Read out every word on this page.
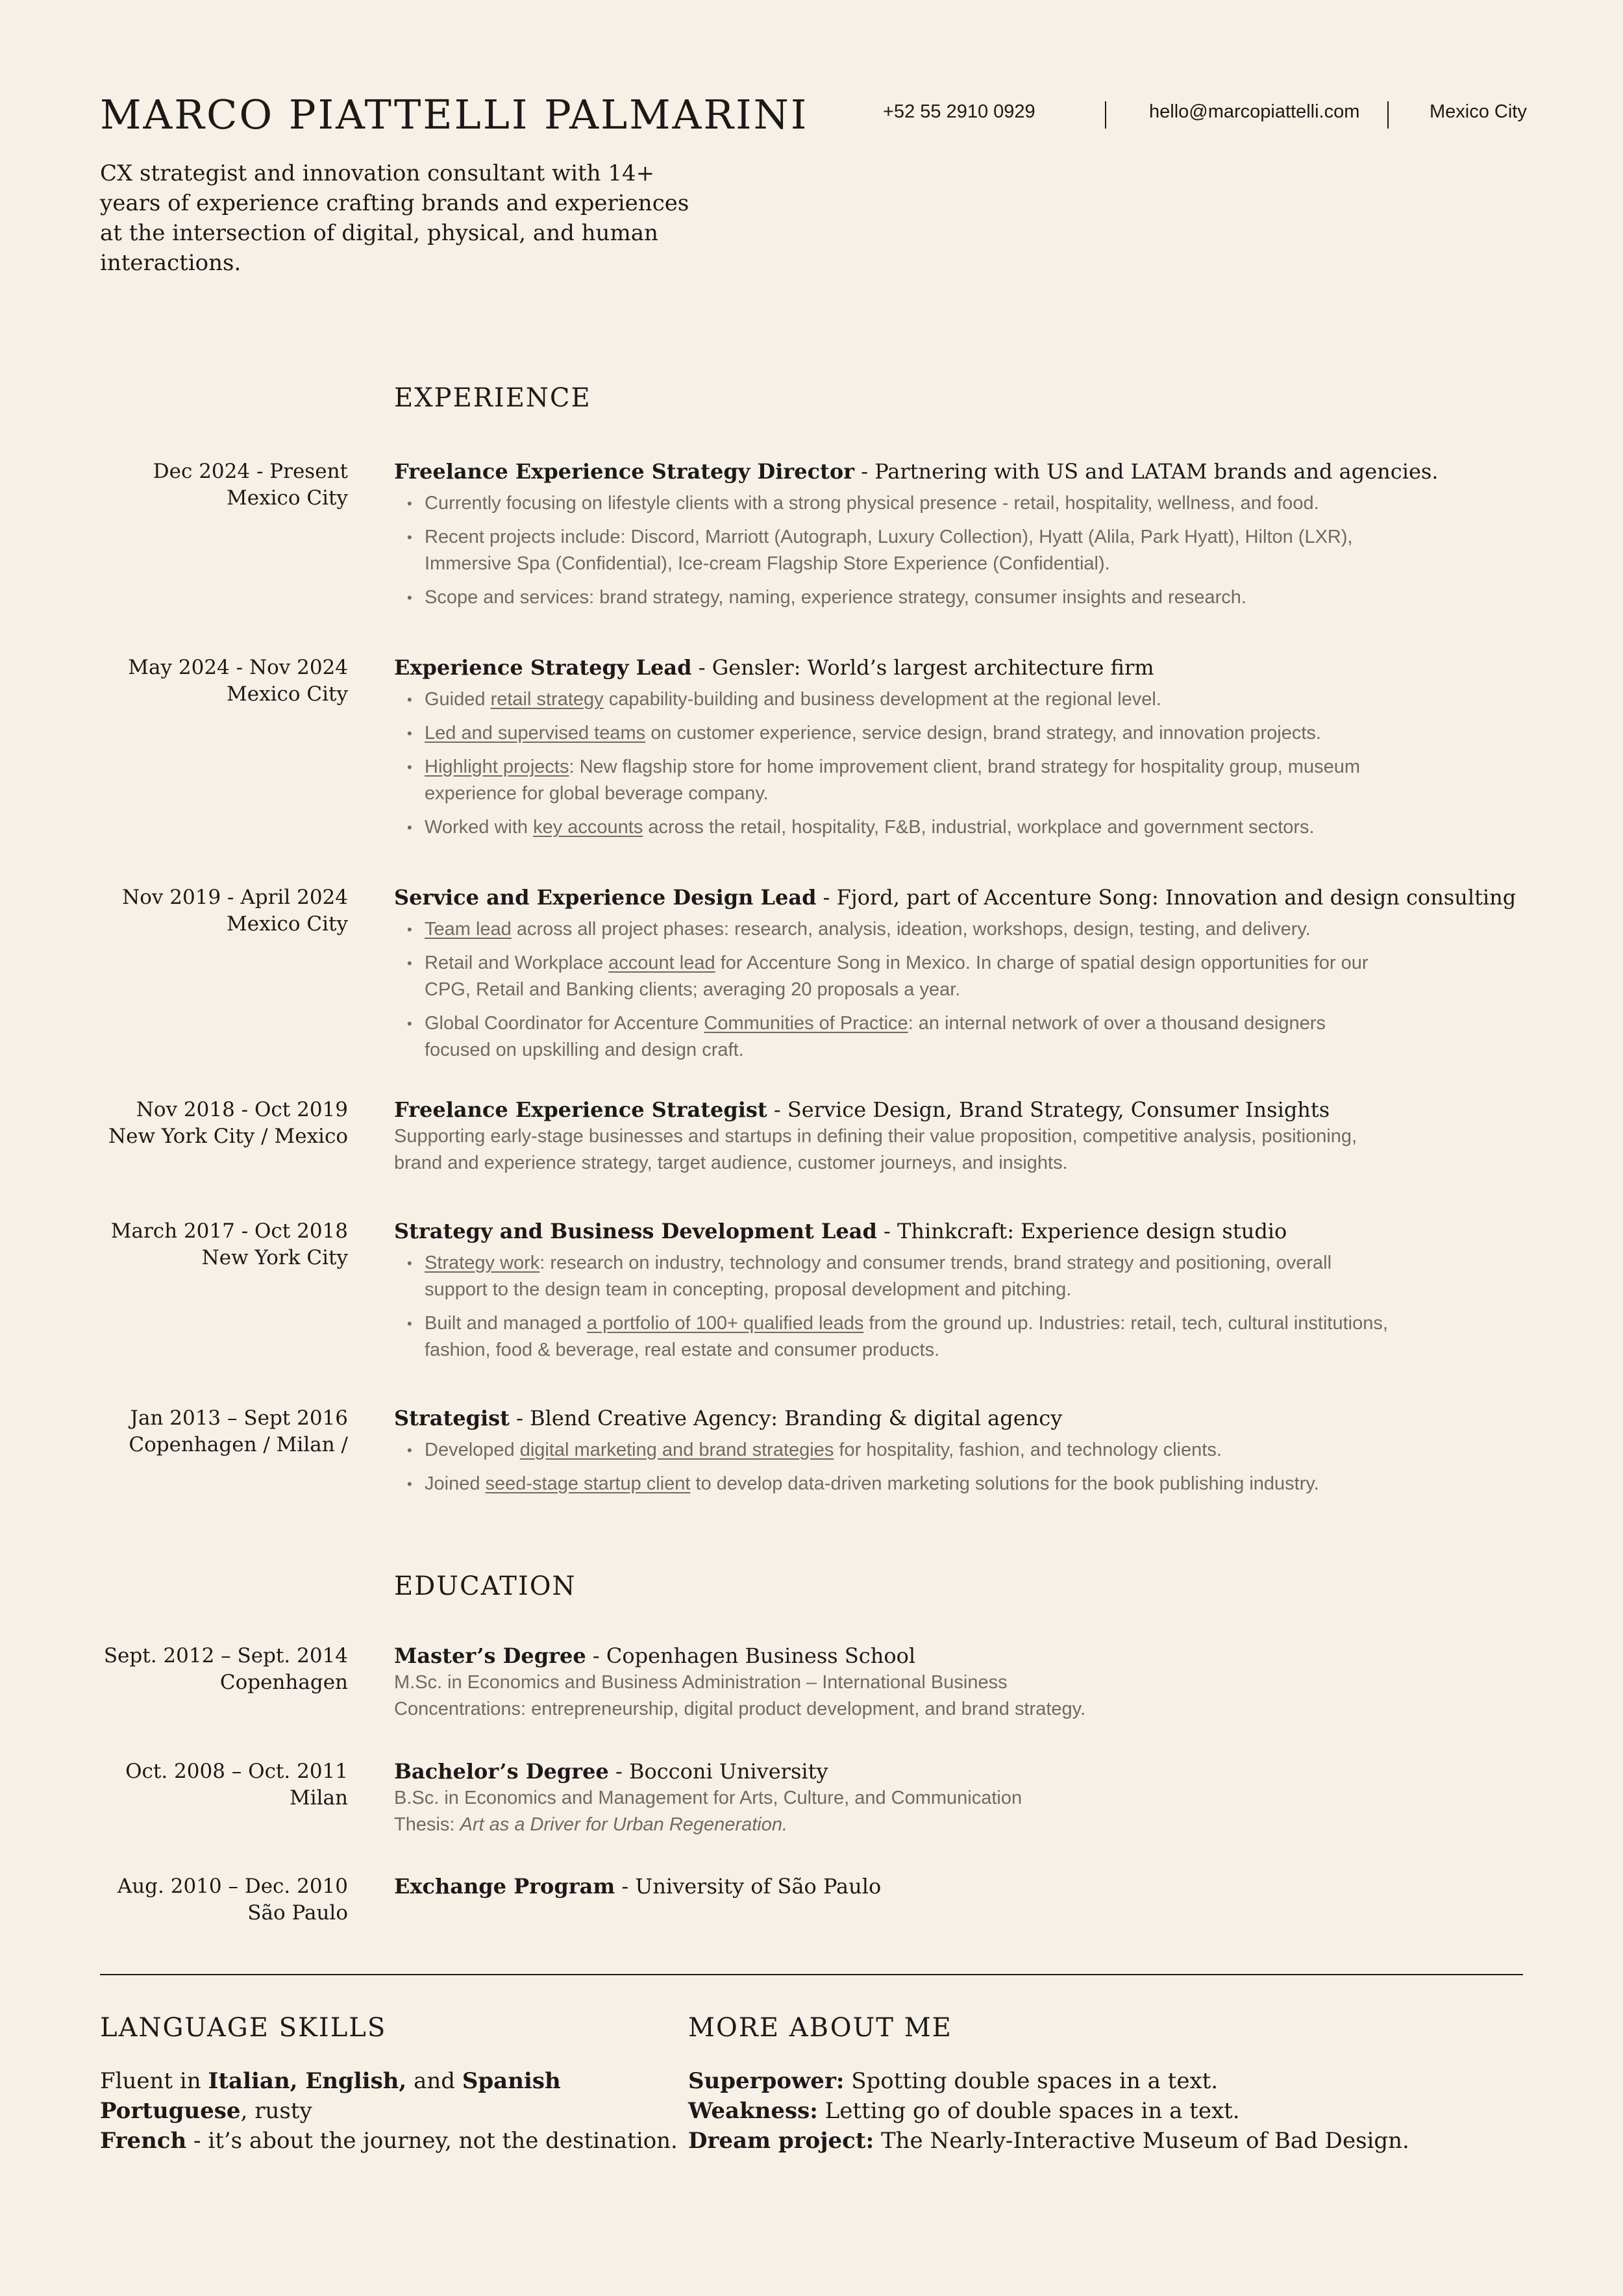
MARCO PIATTELLI PALMARINI	+52 55 2910 0929	hello@marcopiattelli.com	Mexico City

CX strategist and innovation consultant with 14+ years of experience crafting brands and experiences at the intersection of digital, physical, and human interactions.

EXPERIENCE
Dec 2024 - Present
Mexico City
Freelance Experience Strategy Director - Partnering with US and LATAM brands and agencies.
• Currently focusing on lifestyle clients with a strong physical presence - retail, hospitality, wellness, and food.
• Recent projects include: Discord, Marriott (Autograph, Luxury Collection), Hyatt (Alila, Park Hyatt), Hilton (LXR), Immersive Spa (Confidential), Ice-cream Flagship Store Experience (Confidential).
• Scope and services: brand strategy, naming, experience strategy, consumer insights and research.
May 2024 - Nov 2024
Mexico City
Experience Strategy Lead - Gensler: World’s largest architecture firm
• Guided retail strategy capability-building and business development at the regional level.
• Led and supervised teams on customer experience, service design, brand strategy, and innovation projects.
• Highlight projects: New flagship store for home improvement client, brand strategy for hospitality group, museum experience for global beverage company.
• Worked with key accounts across the retail, hospitality, F&B, industrial, workplace and government sectors.
Nov 2019 - April 2024
Mexico City
Service and Experience Design Lead - Fjord, part of Accenture Song: Innovation and design consulting
• Team lead across all project phases: research, analysis, ideation, workshops, design, testing, and delivery.
• Retail and Workplace account lead for Accenture Song in Mexico. In charge of spatial design opportunities for our CPG, Retail and Banking clients; averaging 20 proposals a year.
• Global Coordinator for Accenture Communities of Practice: an internal network of over a thousand designers focused on upskilling and design craft.
Nov 2018 - Oct 2019
New York City / Mexico
Freelance Experience Strategist - Service Design, Brand Strategy, Consumer Insights
Supporting early-stage businesses and startups in defining their value proposition, competitive analysis, positioning, brand and experience strategy, target audience, customer journeys, and insights.
March 2017 - Oct 2018
New York City
Strategy and Business Development Lead - Thinkcraft: Experience design studio
• Strategy work: research on industry, technology and consumer trends, brand strategy and positioning, overall support to the design team in concepting, proposal development and pitching.
• Built and managed a portfolio of 100+ qualified leads from the ground up. Industries: retail, tech, cultural institutions, fashion, food & beverage, real estate and consumer products.
Jan 2013 – Sept 2016
Copenhagen / Milan /
Strategist - Blend Creative Agency: Branding & digital agency
• Developed digital marketing and brand strategies for hospitality, fashion, and technology clients.
• Joined seed-stage startup client to develop data-driven marketing solutions for the book publishing industry.
EDUCATION
Sept. 2012 – Sept. 2014
Copenhagen
Master’s Degree - Copenhagen Business School
M.Sc. in Economics and Business Administration – International Business
Concentrations: entrepreneurship, digital product development, and brand strategy.
Oct. 2008 – Oct. 2011
Milan
Bachelor’s Degree - Bocconi University
B.Sc. in Economics and Management for Arts, Culture, and Communication
Thesis: Art as a Driver for Urban Regeneration.
Aug. 2010 – Dec. 2010
São Paulo
Exchange Program - University of São Paulo
LANGUAGE SKILLS

Fluent in Italian, English, and Spanish

Portuguese, rusty

French - it’s about the journey, not the destination.

MORE ABOUT ME

Superpower: Spotting double spaces in a text.

Weakness: Letting go of double spaces in a text.

Dream project: The Nearly-Interactive Museum of Bad Design.
